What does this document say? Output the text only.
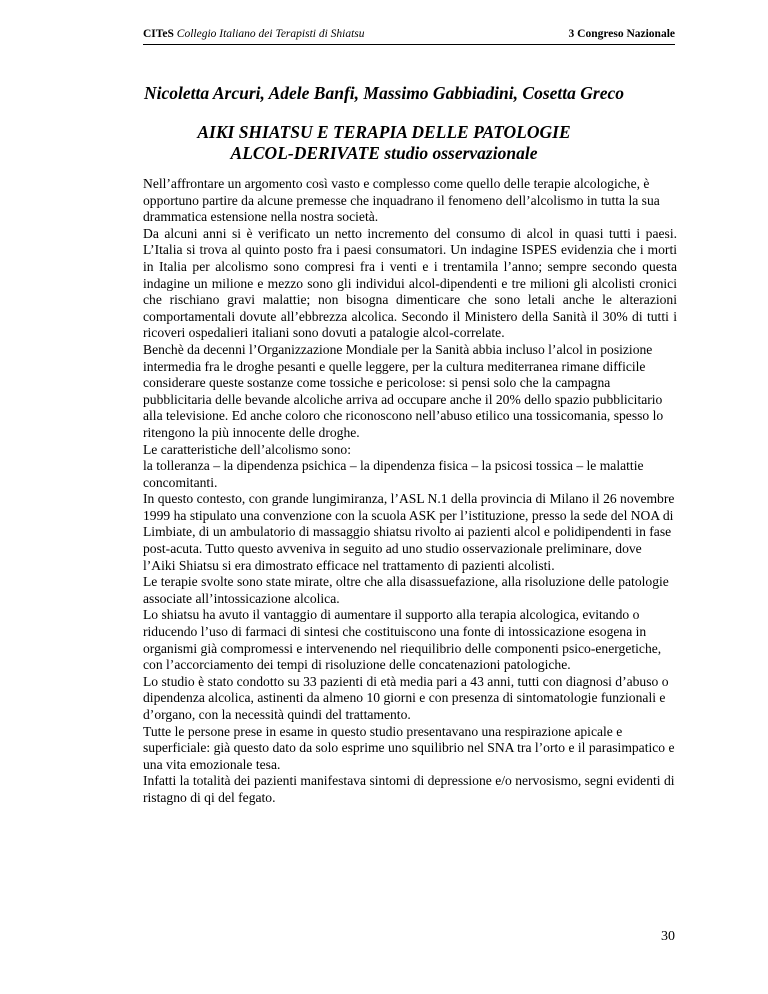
CITeS Collegio Italiano dei Terapisti di Shiatsu	3 Congreso Nazionale
Nicoletta Arcuri, Adele Banfi, Massimo Gabbiadini, Cosetta Greco
AIKI SHIATSU E TERAPIA DELLE PATOLOGIE
ALCOL-DERIVATE studio osservazionale

Nell’affrontare un argomento così vasto e complesso come quello delle terapie alcologiche, è opportuno partire da alcune premesse che inquadrano il fenomeno dell’alcolismo in tutta la sua drammatica estensione nella nostra società.

Da alcuni anni si è verificato un netto incremento del consumo di alcol in quasi tutti i paesi. L’Italia si trova al quinto posto fra i paesi consumatori. Un indagine ISPES evidenzia che i morti in Italia per alcolismo sono compresi fra i venti e i trentamila l’anno; sempre secondo questa indagine un milione e mezzo sono gli individui alcol-dipendenti e tre milioni gli alcolisti cronici che rischiano gravi malattie; non bisogna dimenticare che sono letali anche le alterazioni comportamentali dovute all’ebbrezza alcolica. Secondo il Ministero della Sanità il 30% di tutti i ricoveri ospedalieri italiani sono dovuti a patalogie alcol-correlate.

Benchè da decenni l’Organizzazione Mondiale per la Sanità abbia incluso l’alcol in posizione intermedia fra le droghe pesanti e quelle leggere, per la cultura mediterranea rimane difficile considerare queste sostanze come tossiche e pericolose: si pensi solo che la campagna pubblicitaria delle bevande alcoliche arriva ad occupare anche il 20% dello spazio pubblicitario alla televisione. Ed anche coloro che riconoscono nell’abuso etilico una tossicomania, spesso lo ritengono la più innocente delle droghe.

Le caratteristiche dell’alcolismo sono:

la tolleranza – la dipendenza psichica – la dipendenza fisica – la psicosi tossica – le malattie concomitanti.

In questo contesto, con grande lungimiranza, l’ASL N.1 della provincia di Milano il 26 novembre 1999 ha stipulato una convenzione con la scuola ASK per l’istituzione, presso la sede del NOA di Limbiate, di un ambulatorio di massaggio shiatsu rivolto ai pazienti alcol e polidipendenti in fase post-acuta. Tutto questo avveniva in seguito ad uno studio osservazionale preliminare, dove l’Aiki Shiatsu si era dimostrato efficace nel trattamento di pazienti alcolisti.

Le terapie svolte sono state mirate, oltre che alla disassuefazione, alla risoluzione delle patologie associate all’intossicazione alcolica.

Lo shiatsu ha avuto il vantaggio di aumentare il supporto alla terapia alcologica, evitando o riducendo l’uso di farmaci di sintesi che costituiscono una fonte di intossicazione esogena in organismi già compromessi e intervenendo nel riequilibrio delle componenti psico-energetiche, con l’accorciamento dei tempi di risoluzione delle concatenazioni patologiche.

Lo studio è stato condotto su 33 pazienti di età media pari a 43 anni, tutti con diagnosi d’abuso o dipendenza alcolica, astinenti da almeno 10 giorni e con presenza di sintomatologie funzionali e d’organo, con la necessità quindi del trattamento.

Tutte le persone prese in esame in questo studio presentavano una respirazione apicale e superficiale: già questo dato da solo esprime uno squilibrio nel SNA tra l’orto e il parasimpatico e una vita emozionale tesa.

Infatti la totalità dei pazienti manifestava sintomi di depressione e/o nervosismo, segni evidenti di ristagno di qi del fegato.

30
